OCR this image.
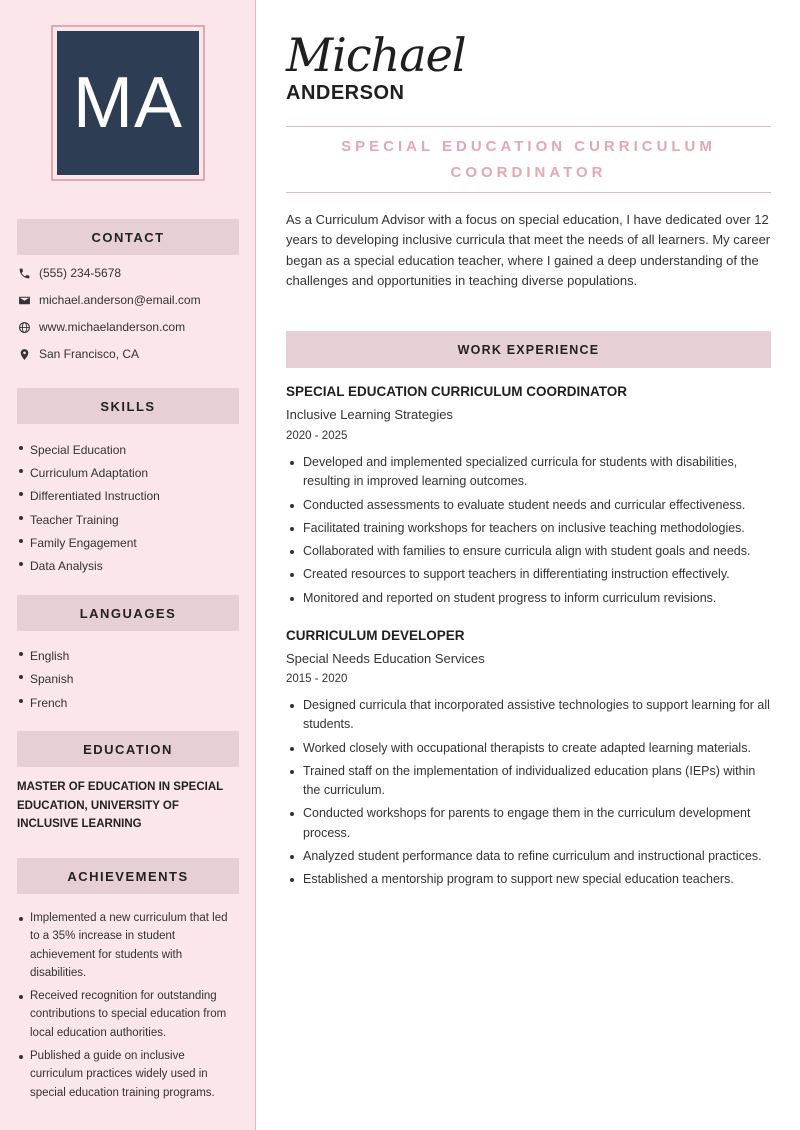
MA
CONTACT
(555) 234-5678
michael.anderson@email.com
www.michaelanderson.com
San Francisco, CA
SKILLS
Special Education
Curriculum Adaptation
Differentiated Instruction
Teacher Training
Family Engagement
Data Analysis
LANGUAGES
English
Spanish
French
EDUCATION
MASTER OF EDUCATION IN SPECIAL EDUCATION, UNIVERSITY OF INCLUSIVE LEARNING
ACHIEVEMENTS
Implemented a new curriculum that led to a 35% increase in student achievement for students with disabilities.
Received recognition for outstanding contributions to special education from local education authorities.
Published a guide on inclusive curriculum practices widely used in special education training programs.
Michael
ANDERSON
SPECIAL EDUCATION CURRICULUM COORDINATOR
As a Curriculum Advisor with a focus on special education, I have dedicated over 12 years to developing inclusive curricula that meet the needs of all learners. My career began as a special education teacher, where I gained a deep understanding of the challenges and opportunities in teaching diverse populations.
WORK EXPERIENCE
SPECIAL EDUCATION CURRICULUM COORDINATOR
Inclusive Learning Strategies
2020 - 2025
Developed and implemented specialized curricula for students with disabilities, resulting in improved learning outcomes.
Conducted assessments to evaluate student needs and curricular effectiveness.
Facilitated training workshops for teachers on inclusive teaching methodologies.
Collaborated with families to ensure curricula align with student goals and needs.
Created resources to support teachers in differentiating instruction effectively.
Monitored and reported on student progress to inform curriculum revisions.
CURRICULUM DEVELOPER
Special Needs Education Services
2015 - 2020
Designed curricula that incorporated assistive technologies to support learning for all students.
Worked closely with occupational therapists to create adapted learning materials.
Trained staff on the implementation of individualized education plans (IEPs) within the curriculum.
Conducted workshops for parents to engage them in the curriculum development process.
Analyzed student performance data to refine curriculum and instructional practices.
Established a mentorship program to support new special education teachers.
